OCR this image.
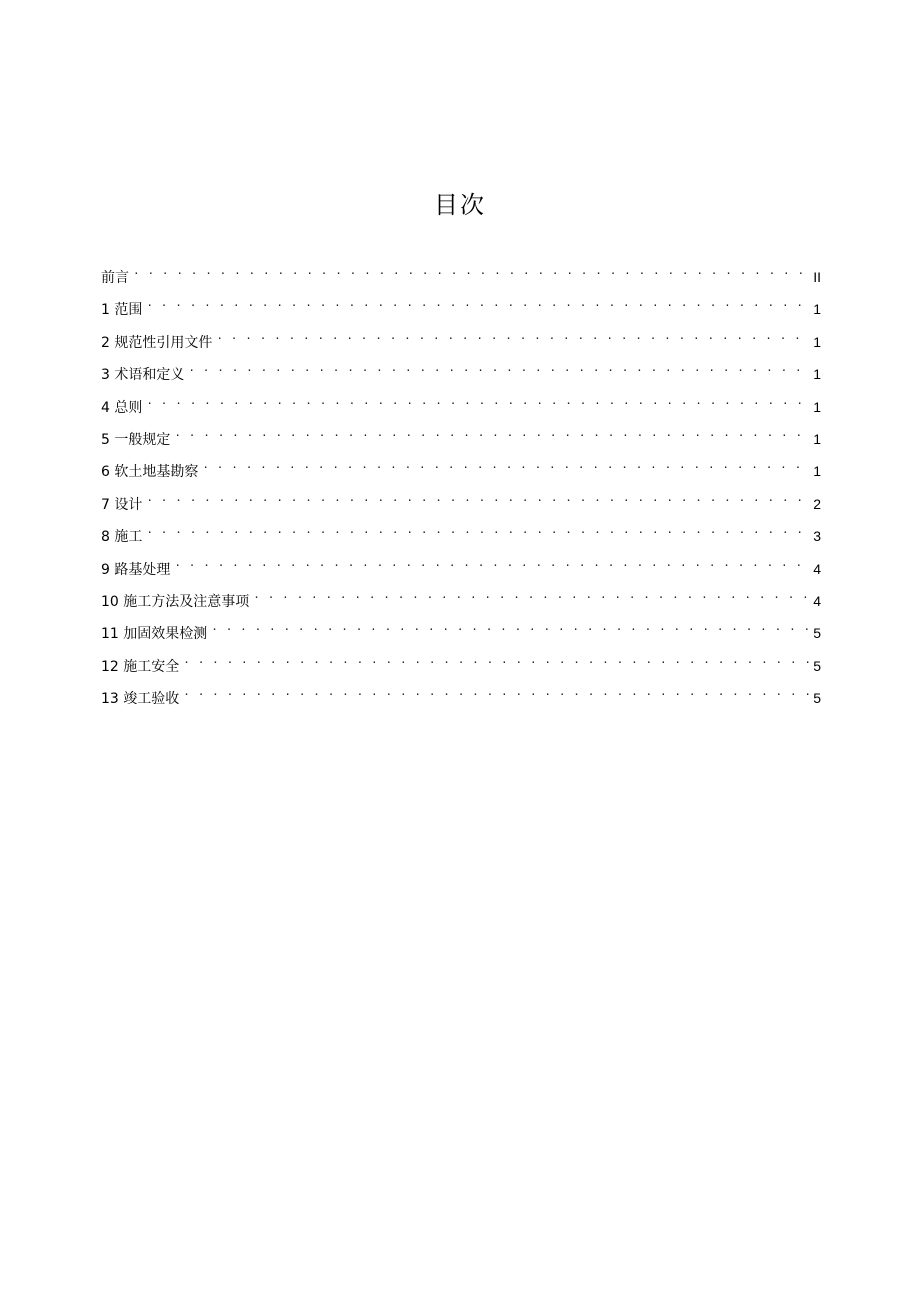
目次
前言 . . .	II
1 范围 . . .	1
2 规范性引用文件 . . .	1
3 术语和定义 . . .	1
4 总则 . . .	1
5 一般规定 . . .	1
6 软土地基勘察 . . .	1
7 设计 . . .	2
8 施工 . . .	3
9 路基处理 . . .	4
10 施工方法及注意事项 . . .	4
11 加固效果检测 . . .	5
12 施工安全 . . .	5
13 竣工验收 . . .	5
